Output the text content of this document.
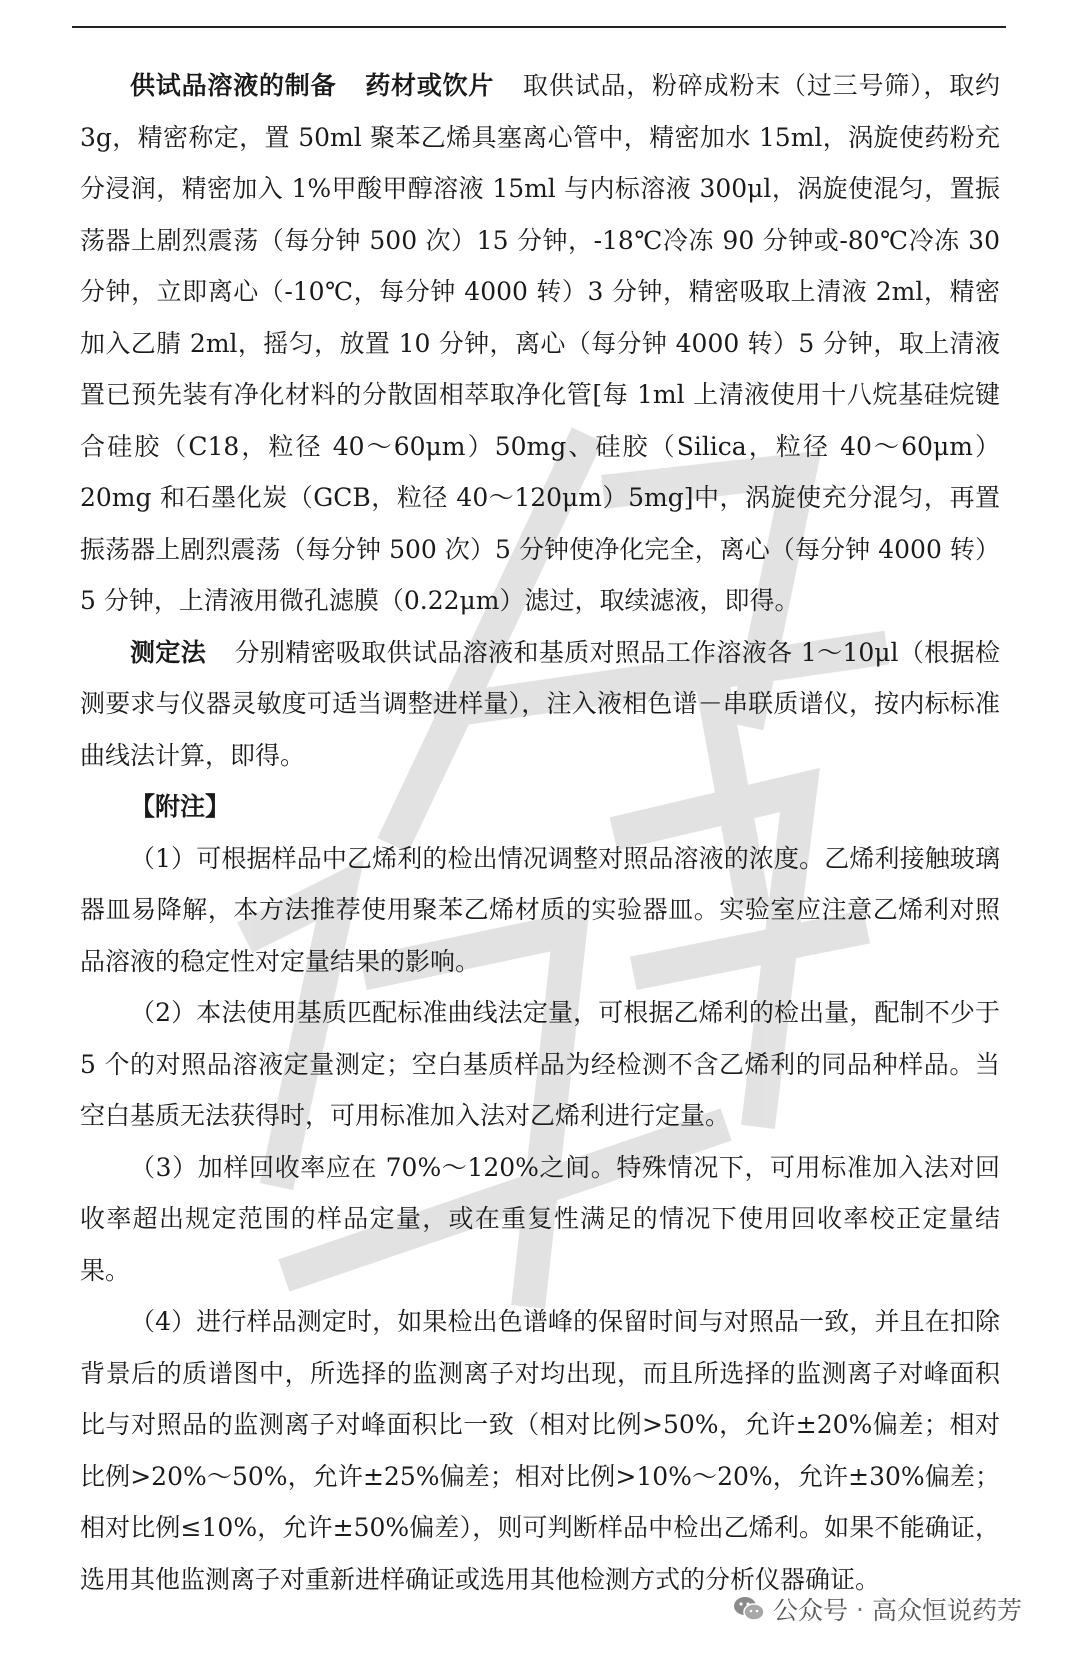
供试品溶液的制备 药材或饮片 取供试品，粉碎成粉末（过三号筛），取约 3g，精密称定，置 50ml 聚苯乙烯具塞离心管中，精密加水 15ml，涡旋使药粉充分浸润，精密加入 1%甲酸甲醇溶液 15ml 与内标溶液 300μl，涡旋使混匀，置振荡器上剧烈震荡（每分钟 500 次）15 分钟，-18℃冷冻 90 分钟或-80℃冷冻 30 分钟，立即离心（-10℃，每分钟 4000 转）3 分钟，精密吸取上清液 2ml，精密加入乙腈 2ml，摇匀，放置 10 分钟，离心（每分钟 4000 转）5 分钟，取上清液置已预先装有净化材料的分散固相萃取净化管[每 1ml 上清液使用十八烷基硅烷键合硅胶（C18，粒径 40～60μm）50mg、硅胶（Silica，粒径 40～60μm）20mg 和石墨化炭（GCB，粒径 40～120μm）5mg]中，涡旋使充分混匀，再置振荡器上剧烈震荡（每分钟 500 次）5 分钟使净化完全，离心（每分钟 4000 转）5 分钟，上清液用微孔滤膜（0.22μm）滤过，取续滤液，即得。

测定法 分别精密吸取供试品溶液和基质对照品工作溶液各 1～10μl（根据检测要求与仪器灵敏度可适当调整进样量），注入液相色谱－串联质谱仪，按内标标准曲线法计算，即得。

【附注】

（1）可根据样品中乙烯利的检出情况调整对照品溶液的浓度。乙烯利接触玻璃器皿易降解，本方法推荐使用聚苯乙烯材质的实验器皿。实验室应注意乙烯利对照品溶液的稳定性对定量结果的影响。

（2）本法使用基质匹配标准曲线法定量，可根据乙烯利的检出量，配制不少于 5 个的对照品溶液定量测定；空白基质样品为经检测不含乙烯利的同品种样品。当空白基质无法获得时，可用标准加入法对乙烯利进行定量。

（3）加样回收率应在 70%～120%之间。特殊情况下，可用标准加入法对回收率超出规定范围的样品定量，或在重复性满足的情况下使用回收率校正定量结果。

（4）进行样品测定时，如果检出色谱峰的保留时间与对照品一致，并且在扣除背景后的质谱图中，所选择的监测离子对均出现，而且所选择的监测离子对峰面积比与对照品的监测离子对峰面积比一致（相对比例>50%，允许±20%偏差；相对比例>20%～50%，允许±25%偏差；相对比例>10%～20%，允许±30%偏差；相对比例≤10%，允许±50%偏差），则可判断样品中检出乙烯利。如果不能确证，选用其他监测离子对重新进样确证或选用其他检测方式的分析仪器确证。

公众号 · 高众恒说药芳
